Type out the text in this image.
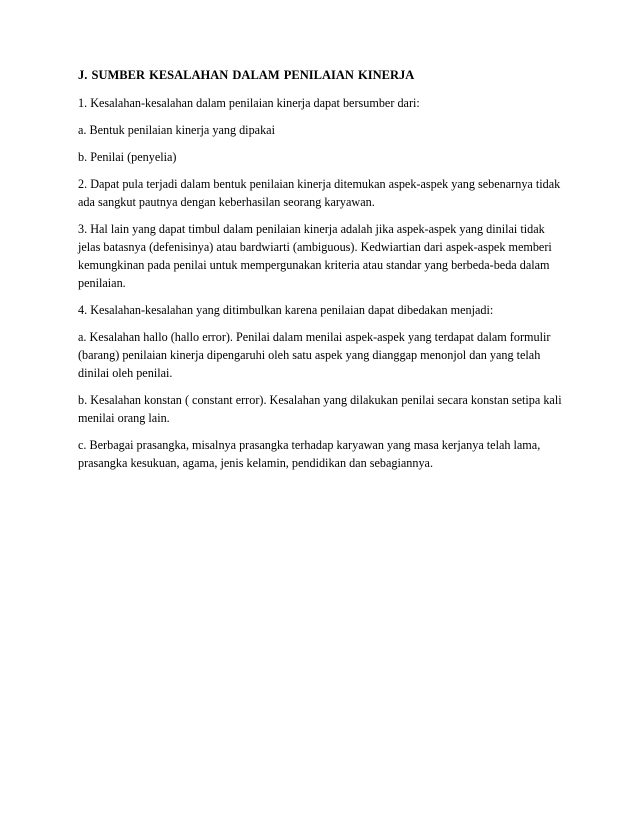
J. SUMBER KESALAHAN DALAM PENILAIAN KINERJA
1. Kesalahan-kesalahan dalam penilaian kinerja dapat bersumber dari:
a. Bentuk penilaian kinerja yang dipakai
b. Penilai (penyelia)
2. Dapat pula terjadi dalam bentuk penilaian kinerja ditemukan aspek-aspek yang sebenarnya tidak ada sangkut pautnya dengan keberhasilan seorang karyawan.
3. Hal lain yang dapat timbul dalam penilaian kinerja adalah jika aspek-aspek yang dinilai tidak jelas batasnya (defenisinya) atau bardwiarti (ambiguous). Kedwiartian dari aspek-aspek memberi kemungkinan pada penilai untuk mempergunakan kriteria atau standar yang berbeda-beda dalam penilaian.
4. Kesalahan-kesalahan yang ditimbulkan karena penilaian dapat dibedakan menjadi:
a. Kesalahan hallo (hallo error). Penilai dalam menilai aspek-aspek yang terdapat dalam formulir (barang) penilaian kinerja dipengaruhi oleh satu aspek yang dianggap menonjol dan yang telah dinilai oleh penilai.
b. Kesalahan konstan ( constant error). Kesalahan yang dilakukan penilai secara konstan setipa kali menilai orang lain.
c. Berbagai prasangka, misalnya prasangka terhadap karyawan yang masa kerjanya telah lama, prasangka kesukuan, agama, jenis kelamin, pendidikan dan sebagiannya.
